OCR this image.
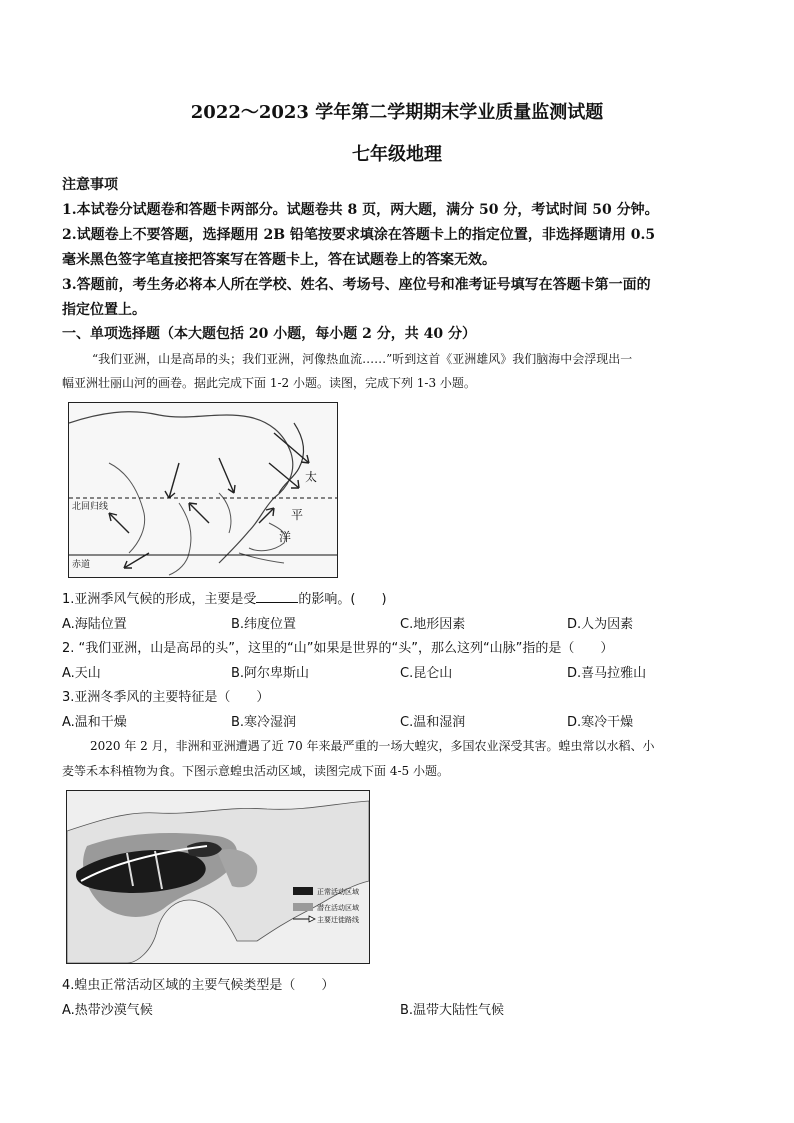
2022～2023 学年第二学期期末学业质量监测试题
七年级地理
注意事项
1.本试卷分试题卷和答题卡两部分。试题卷共 8 页，两大题，满分 50 分，考试时间 50 分钟。
2.试题卷上不要答题，选择题用 2B 铅笔按要求填涂在答题卡上的指定位置，非选择题请用 0.5
毫米黑色签字笔直接把答案写在答题卡上，答在试题卷上的答案无效。
3.答题前，考生务必将本人所在学校、姓名、考场号、座位号和准考证号填写在答题卡第一面的
指定位置上。
一、单项选择题（本大题包括 20 小题，每小题 2 分，共 40 分）
“我们亚洲，山是高昂的头；我们亚洲，河像热血流……”听到这首《亚洲雄风》我们脑海中会浮现出一
幅亚洲壮丽山河的画卷。据此完成下面 1-2 小题。读图，完成下列 1-3 小题。
北回归线
赤道
太
平
洋
1.亚洲季风气候的形成，主要是受	的影响。(　　)
A.海陆位置	B.纬度位置	C.地形因素	D.人为因素
2. “我们亚洲，山是高昂的头”，这里的“山”如果是世界的“头”，那么这列“山脉”指的是（　　）
A.天山	B.阿尔卑斯山	C.昆仑山	D.喜马拉雅山
3.亚洲冬季风的主要特征是（　　）
A.温和干燥	B.寒冷湿润	C.温和湿润	D.寒冷干燥
2020 年 2 月，非洲和亚洲遭遇了近 70 年来最严重的一场大蝗灾，多国农业深受其害。蝗虫常以水稻、小
麦等禾本科植物为食。下图示意蝗虫活动区域，读图完成下面 4-5 小题。
正常活动区域
潜在活动区域
主要迁徙路线
4.蝗虫正常活动区域的主要气候类型是（　　）
A.热带沙漠气候	B.温带大陆性气候
